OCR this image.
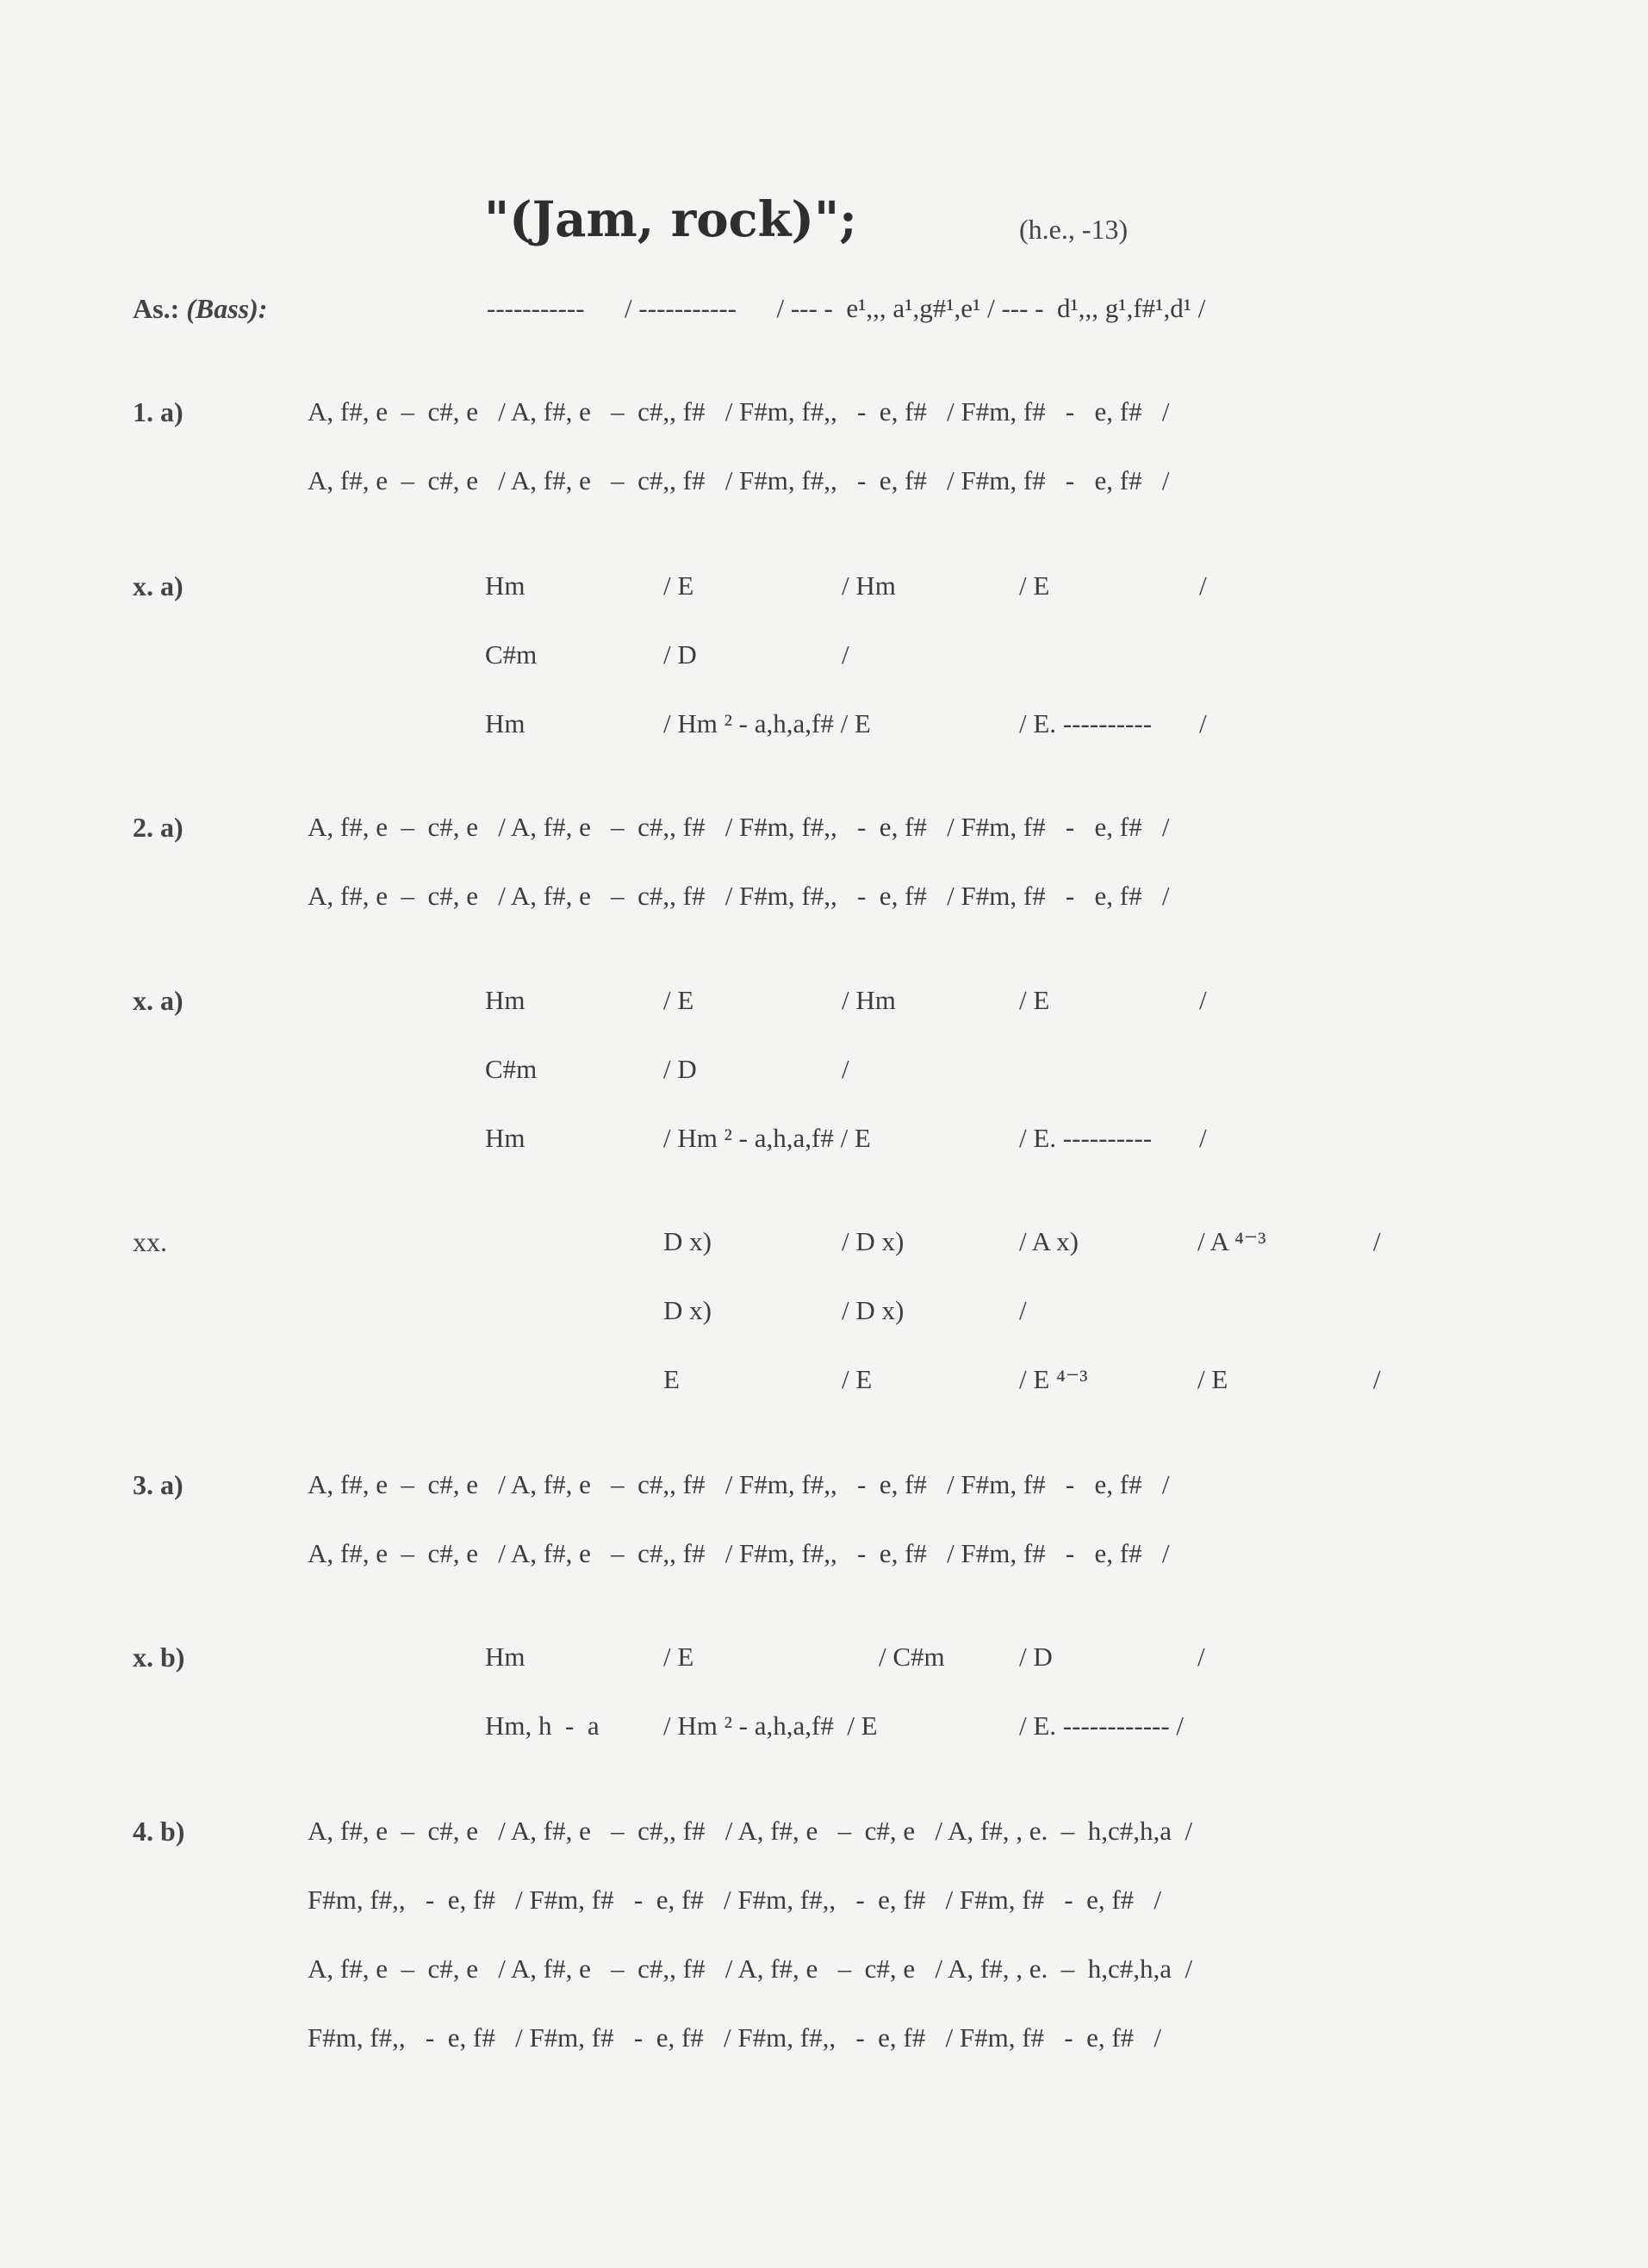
"(Jam, rock)";	(h.e., -13)
As.: (Bass):	-----------      / -----------      / --- -  e¹,,, a¹,g#¹,e¹ / --- -  d¹,,, g¹,f#¹,d¹ /
1. a)	A, f#, e  –  c#, e   / A, f#, e   –  c#,, f#   / F#m, f#,,   -  e, f#   / F#m, f#   -   e, f#   /
A, f#, e  –  c#, e   / A, f#, e   –  c#,, f#   / F#m, f#,,   -  e, f#   / F#m, f#   -   e, f#   /
x. a)	Hm	/ E	/ Hm	/ E	/
C#m	/ D	/
Hm	/ Hm ² - a,h,a,f# / E	/ E. ---------- /
2. a)	A, f#, e  –  c#, e   / A, f#, e   –  c#,, f#   / F#m, f#,,   -  e, f#   / F#m, f#   -   e, f#   /
A, f#, e  –  c#, e   / A, f#, e   –  c#,, f#   / F#m, f#,,   -  e, f#   / F#m, f#   -   e, f#   /
x. a)	Hm	/ E	/ Hm	/ E	/
C#m	/ D	/
Hm	/ Hm ² - a,h,a,f# / E	/ E. ---------- /
xx.	D x)	/ D x)	/ A x)	/ A ⁴⁻³	/
D x)	/ D x)	/
E	/ E	/ E ⁴⁻³	/ E	/
3. a)	A, f#, e  –  c#, e   / A, f#, e   –  c#,, f#   / F#m, f#,,   -  e, f#   / F#m, f#   -   e, f#   /
A, f#, e  –  c#, e   / A, f#, e   –  c#,, f#   / F#m, f#,,   -  e, f#   / F#m, f#   -   e, f#   /
x. b)	Hm	/ E	/ C#m	/ D	/
Hm, h  -  a / Hm ² - a,h,a,f#  / E	/ E. ------------ /
4. b)	A, f#, e  –  c#, e   / A, f#, e   –  c#,, f#   / A, f#, e   –  c#, e   / A, f#, , e.  –  h,c#,h,a  /
F#m, f#,,   -  e, f#   / F#m, f#   -  e, f#   / F#m, f#,,   -  e, f#   / F#m, f#   -  e, f#   /
A, f#, e  –  c#, e   / A, f#, e   –  c#,, f#   / A, f#, e   –  c#, e   / A, f#, , e.  –  h,c#,h,a  /
F#m, f#,,   -  e, f#   / F#m, f#   -  e, f#   / F#m, f#,,   -  e, f#   / F#m, f#   -  e, f#   /
